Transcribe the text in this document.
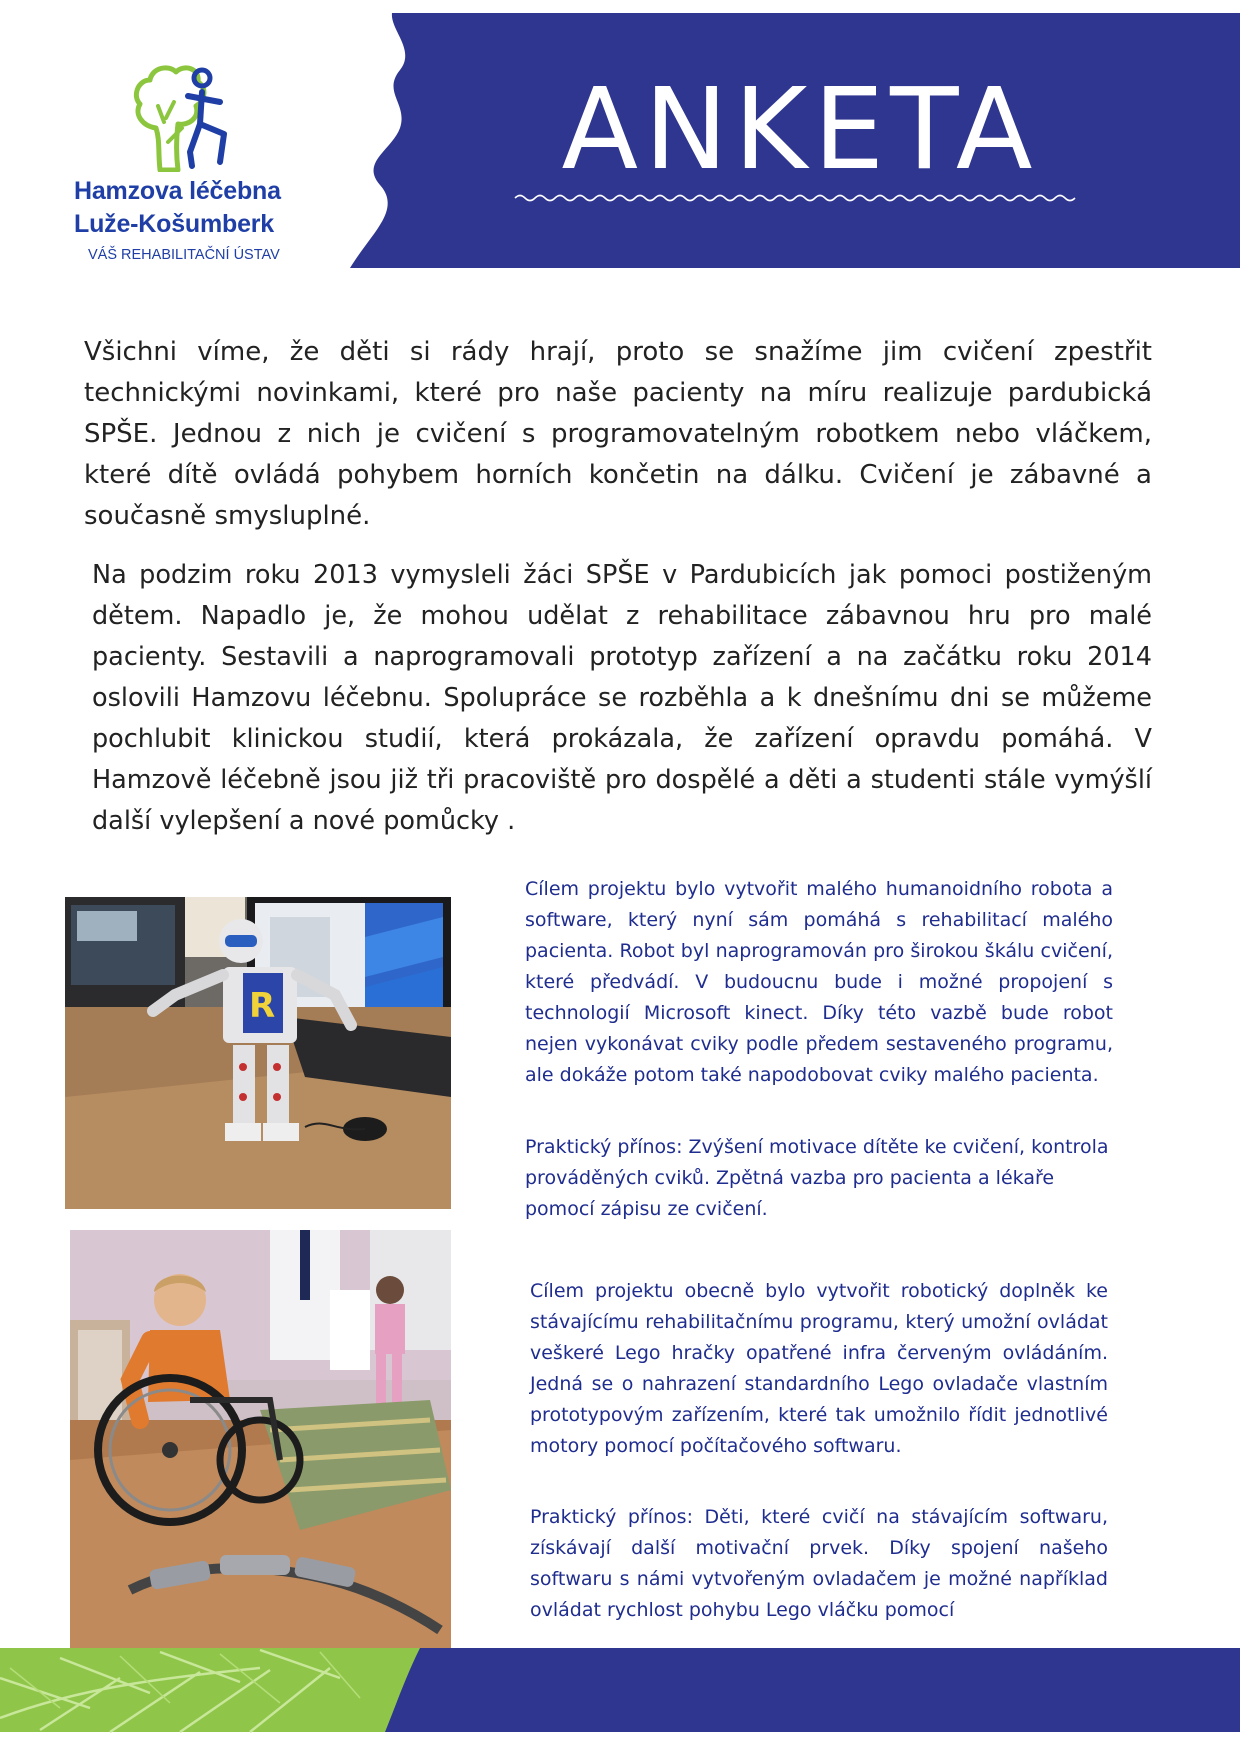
ANKETA
Hamzova léčebna
Luže-Košumberk
VÁŠ REHABILITAČNÍ ÚSTAV

Všichni víme, že děti si rády hrají, proto se snažíme jim cvičení zpestřit technickými novinkami, které pro naše pacienty na míru realizuje pardubická SPŠE. Jednou z nich je cvičení s programovatelným robotkem nebo vláčkem, které dítě ovládá pohybem horních končetin na dálku. Cvičení je zábavné a současně smysluplné.

Na podzim roku 2013 vymysleli žáci SPŠE v Pardubicích jak pomoci postiženým dětem. Napadlo je, že mohou udělat z rehabilitace zábavnou hru pro malé pacienty. Sestavili a naprogramovali prototyp zařízení a na začátku roku 2014 oslovili Hamzovu léčebnu. Spolupráce se rozběhla a k dnešnímu dni se můžeme pochlubit klinickou studií, která prokázala, že zařízení opravdu pomáhá. V Hamzově léčebně jsou již tři pracoviště pro dospělé a děti a studenti stále vymýšlí další vylepšení a nové pomůcky .

R

Cílem projektu bylo vytvořit malého humanoidního robota a software, který nyní sám pomáhá s rehabilitací malého pacienta. Robot byl naprogramován pro širokou škálu cvičení, které předvádí. V budoucnu bude i možné propojení s technologií Microsoft kinect. Díky této vazbě bude robot nejen vykonávat cviky podle předem sestaveného programu, ale dokáže potom také napodobovat cviky malého pacienta.

Praktický přínos: Zvýšení motivace dítěte ke cvičení, kontrola prováděných cviků. Zpětná vazba pro pacienta a lékaře pomocí zápisu ze cvičení.

Cílem projektu obecně bylo vytvořit robotický doplněk ke stávajícímu rehabilitačnímu programu, který umožní ovládat veškeré Lego hračky opatřené infra červeným ovládáním. Jedná se o nahrazení standardního Lego ovladače vlastním prototypovým zařízením, které tak umožnilo řídit jednotlivé motory pomocí počítačového softwaru.

Praktický přínos: Děti, které cvičí na stávajícím softwaru, získávají další motivační prvek. Díky spojení našeho softwaru s námi vytvořeným ovladačem je možné například ovládat rychlost pohybu Lego vláčku pomocí
